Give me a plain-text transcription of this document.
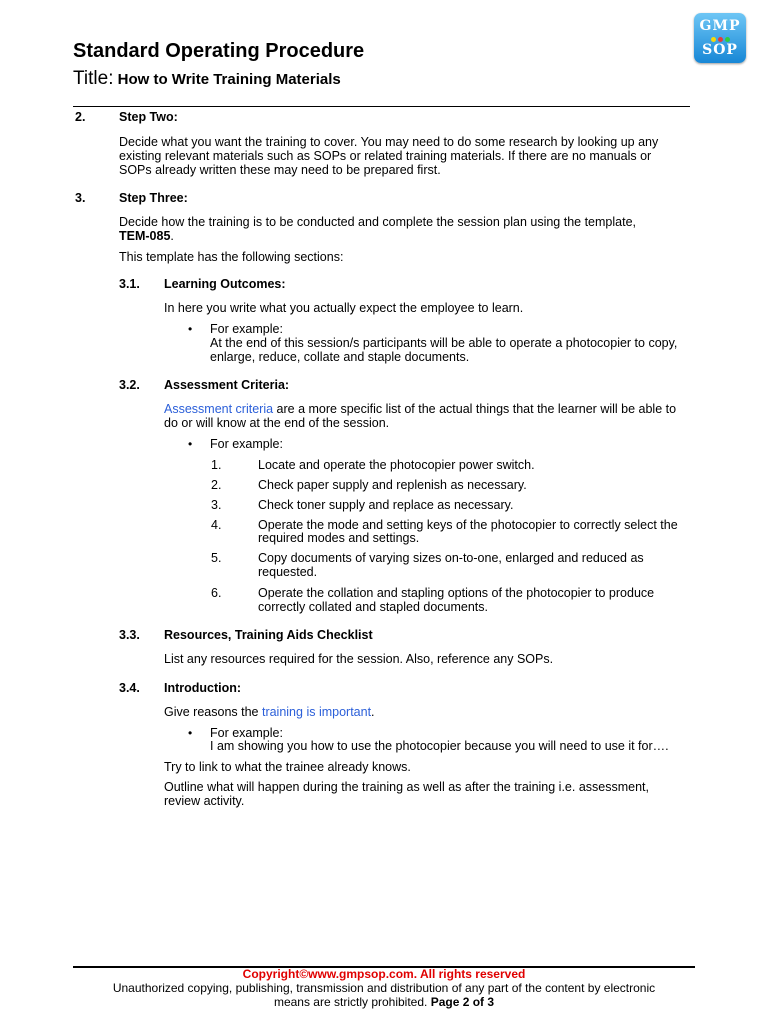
Standard Operating Procedure
Title: How to Write Training Materials
GMP
SOP
2.	Step Two:
Decide what you want the training to cover. You may need to do some research by looking up any
existing relevant materials such as SOPs or related training materials. If there are no manuals or
SOPs already written these may need to be prepared first.
3.	Step Three:
Decide how the training is to be conducted and complete the session plan using the template,
TEM-085.
This template has the following sections:
3.1. Learning Outcomes:
In here you write what you actually expect the employee to learn.
• For example:
At the end of this session/s participants will be able to operate a photocopier to copy,
enlarge, reduce, collate and staple documents.
3.2. Assessment Criteria:
Assessment criteria are a more specific list of the actual things that the learner will be able to
do or will know at the end of the session.
• For example:
1.	Locate and operate the photocopier power switch.
2.	Check paper supply and replenish as necessary.
3.	Check toner supply and replace as necessary.
4.	Operate the mode and setting keys of the photocopier to correctly select the
required modes and settings.
5.	Copy documents of varying sizes on-to-one, enlarged and reduced as
requested.
6.	Operate the collation and stapling options of the photocopier to produce
correctly collated and stapled documents.
3.3. Resources, Training Aids Checklist
List any resources required for the session. Also, reference any SOPs.
3.4. Introduction:
Give reasons the training is important.
• For example:
I am showing you how to use the photocopier because you will need to use it for….
Try to link to what the trainee already knows.
Outline what will happen during the training as well as after the training i.e. assessment,
review activity.
Copyright©www.gmpsop.com. All rights reserved
Unauthorized copying, publishing, transmission and distribution of any part of the content by electronic
means are strictly prohibited. Page 2 of 3
